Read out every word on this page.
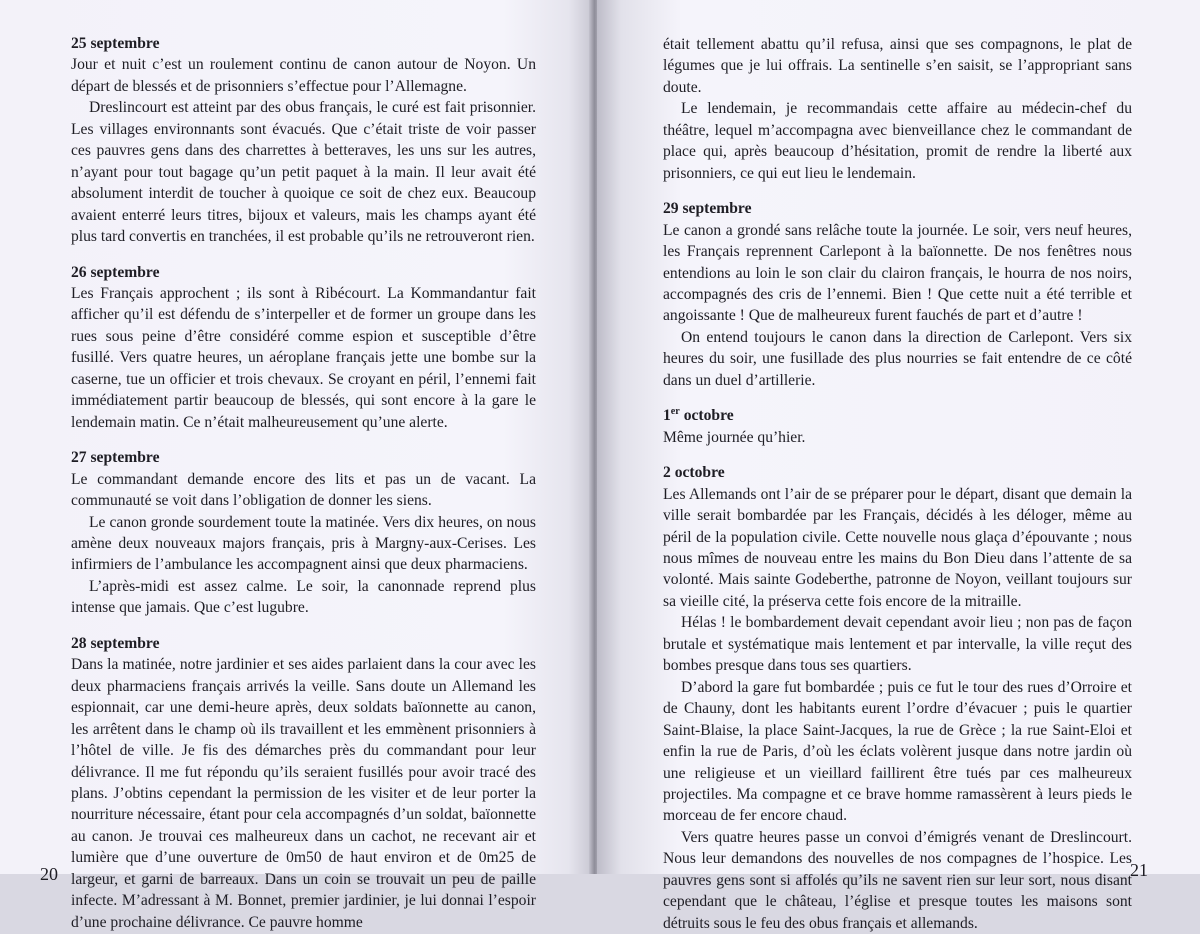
25 septembre

Jour et nuit c’est un roulement continu de canon autour de Noyon. Un départ de blessés et de prisonniers s’effectue pour l’Allemagne.

Dreslincourt est atteint par des obus français, le curé est fait prisonnier. Les villages environnants sont évacués. Que c’était triste de voir passer ces pauvres gens dans des charrettes à betteraves, les uns sur les autres, n’ayant pour tout bagage qu’un petit paquet à la main. Il leur avait été absolument interdit de toucher à quoique ce soit de chez eux. Beaucoup avaient enterré leurs titres, bijoux et valeurs, mais les champs ayant été plus tard convertis en tranchées, il est probable qu’ils ne retrouveront rien.

26 septembre

Les Français approchent ; ils sont à Ribécourt. La Kommandantur fait afficher qu’il est défendu de s’interpeller et de former un groupe dans les rues sous peine d’être considéré comme espion et susceptible d’être fusillé. Vers quatre heures, un aéroplane français jette une bombe sur la caserne, tue un officier et trois chevaux. Se croyant en péril, l’ennemi fait immédiatement partir beaucoup de blessés, qui sont encore à la gare le lendemain matin. Ce n’était malheureusement qu’une alerte.

27 septembre

Le commandant demande encore des lits et pas un de vacant. La communauté se voit dans l’obligation de donner les siens.

Le canon gronde sourdement toute la matinée. Vers dix heures, on nous amène deux nouveaux majors français, pris à Margny-aux-Cerises. Les infirmiers de l’ambulance les accompagnent ainsi que deux pharmaciens.

L’après-midi est assez calme. Le soir, la canonnade reprend plus intense que jamais. Que c’est lugubre.

28 septembre

Dans la matinée, notre jardinier et ses aides parlaient dans la cour avec les deux pharmaciens français arrivés la veille. Sans doute un Allemand les espionnait, car une demi-heure après, deux soldats baïonnette au canon, les arrêtent dans le champ où ils travaillent et les emmènent prisonniers à l’hôtel de ville. Je fis des démarches près du commandant pour leur délivrance. Il me fut répondu qu’ils seraient fusillés pour avoir tracé des plans. J’obtins cependant la permission de les visiter et de leur porter la nourriture nécessaire, étant pour cela accompagnés d’un soldat, baïonnette au canon. Je trouvai ces malheureux dans un cachot, ne recevant air et lumière que d’une ouverture de 0m50 de haut environ et de 0m25 de largeur, et garni de barreaux. Dans un coin se trouvait un peu de paille infecte. M’adressant à M. Bonnet, premier jardinier, je lui donnai l’espoir d’une prochaine délivrance. Ce pauvre homme

20

était tellement abattu qu’il refusa, ainsi que ses compagnons, le plat de légumes que je lui offrais. La sentinelle s’en saisit, se l’appropriant sans doute.

Le lendemain, je recommandais cette affaire au médecin-chef du théâtre, lequel m’accompagna avec bienveillance chez le commandant de place qui, après beaucoup d’hésitation, promit de rendre la liberté aux prisonniers, ce qui eut lieu le lendemain.

29 septembre

Le canon a grondé sans relâche toute la journée. Le soir, vers neuf heures, les Français reprennent Carlepont à la baïonnette. De nos fenêtres nous entendions au loin le son clair du clairon français, le hourra de nos noirs, accompagnés des cris de l’ennemi. Bien ! Que cette nuit a été terrible et angoissante ! Que de malheureux furent fauchés de part et d’autre !

On entend toujours le canon dans la direction de Carlepont. Vers six heures du soir, une fusillade des plus nourries se fait entendre de ce côté dans un duel d’artillerie.

1er octobre

Même journée qu’hier.

2 octobre

Les Allemands ont l’air de se préparer pour le départ, disant que demain la ville serait bombardée par les Français, décidés à les déloger, même au péril de la population civile. Cette nouvelle nous glaça d’épouvante ; nous nous mîmes de nouveau entre les mains du Bon Dieu dans l’attente de sa volonté. Mais sainte Godeberthe, patronne de Noyon, veillant toujours sur sa vieille cité, la préserva cette fois encore de la mitraille.

Hélas ! le bombardement devait cependant avoir lieu ; non pas de façon brutale et systématique mais lentement et par intervalle, la ville reçut des bombes presque dans tous ses quartiers.

D’abord la gare fut bombardée ; puis ce fut le tour des rues d’Orroire et de Chauny, dont les habitants eurent l’ordre d’évacuer ; puis le quartier Saint-Blaise, la place Saint-Jacques, la rue de Grèce ; la rue Saint-Eloi et enfin la rue de Paris, d’où les éclats volèrent jusque dans notre jardin où une religieuse et un vieillard faillirent être tués par ces malheureux projectiles. Ma compagne et ce brave homme ramassèrent à leurs pieds le morceau de fer encore chaud.

Vers quatre heures passe un convoi d’émigrés venant de Dreslincourt. Nous leur demandons des nouvelles de nos compagnes de l’hospice. Les pauvres gens sont si affolés qu’ils ne savent rien sur leur sort, nous disant cependant que le château, l’église et presque toutes les maisons sont détruits sous le feu des obus français et allemands.

21
